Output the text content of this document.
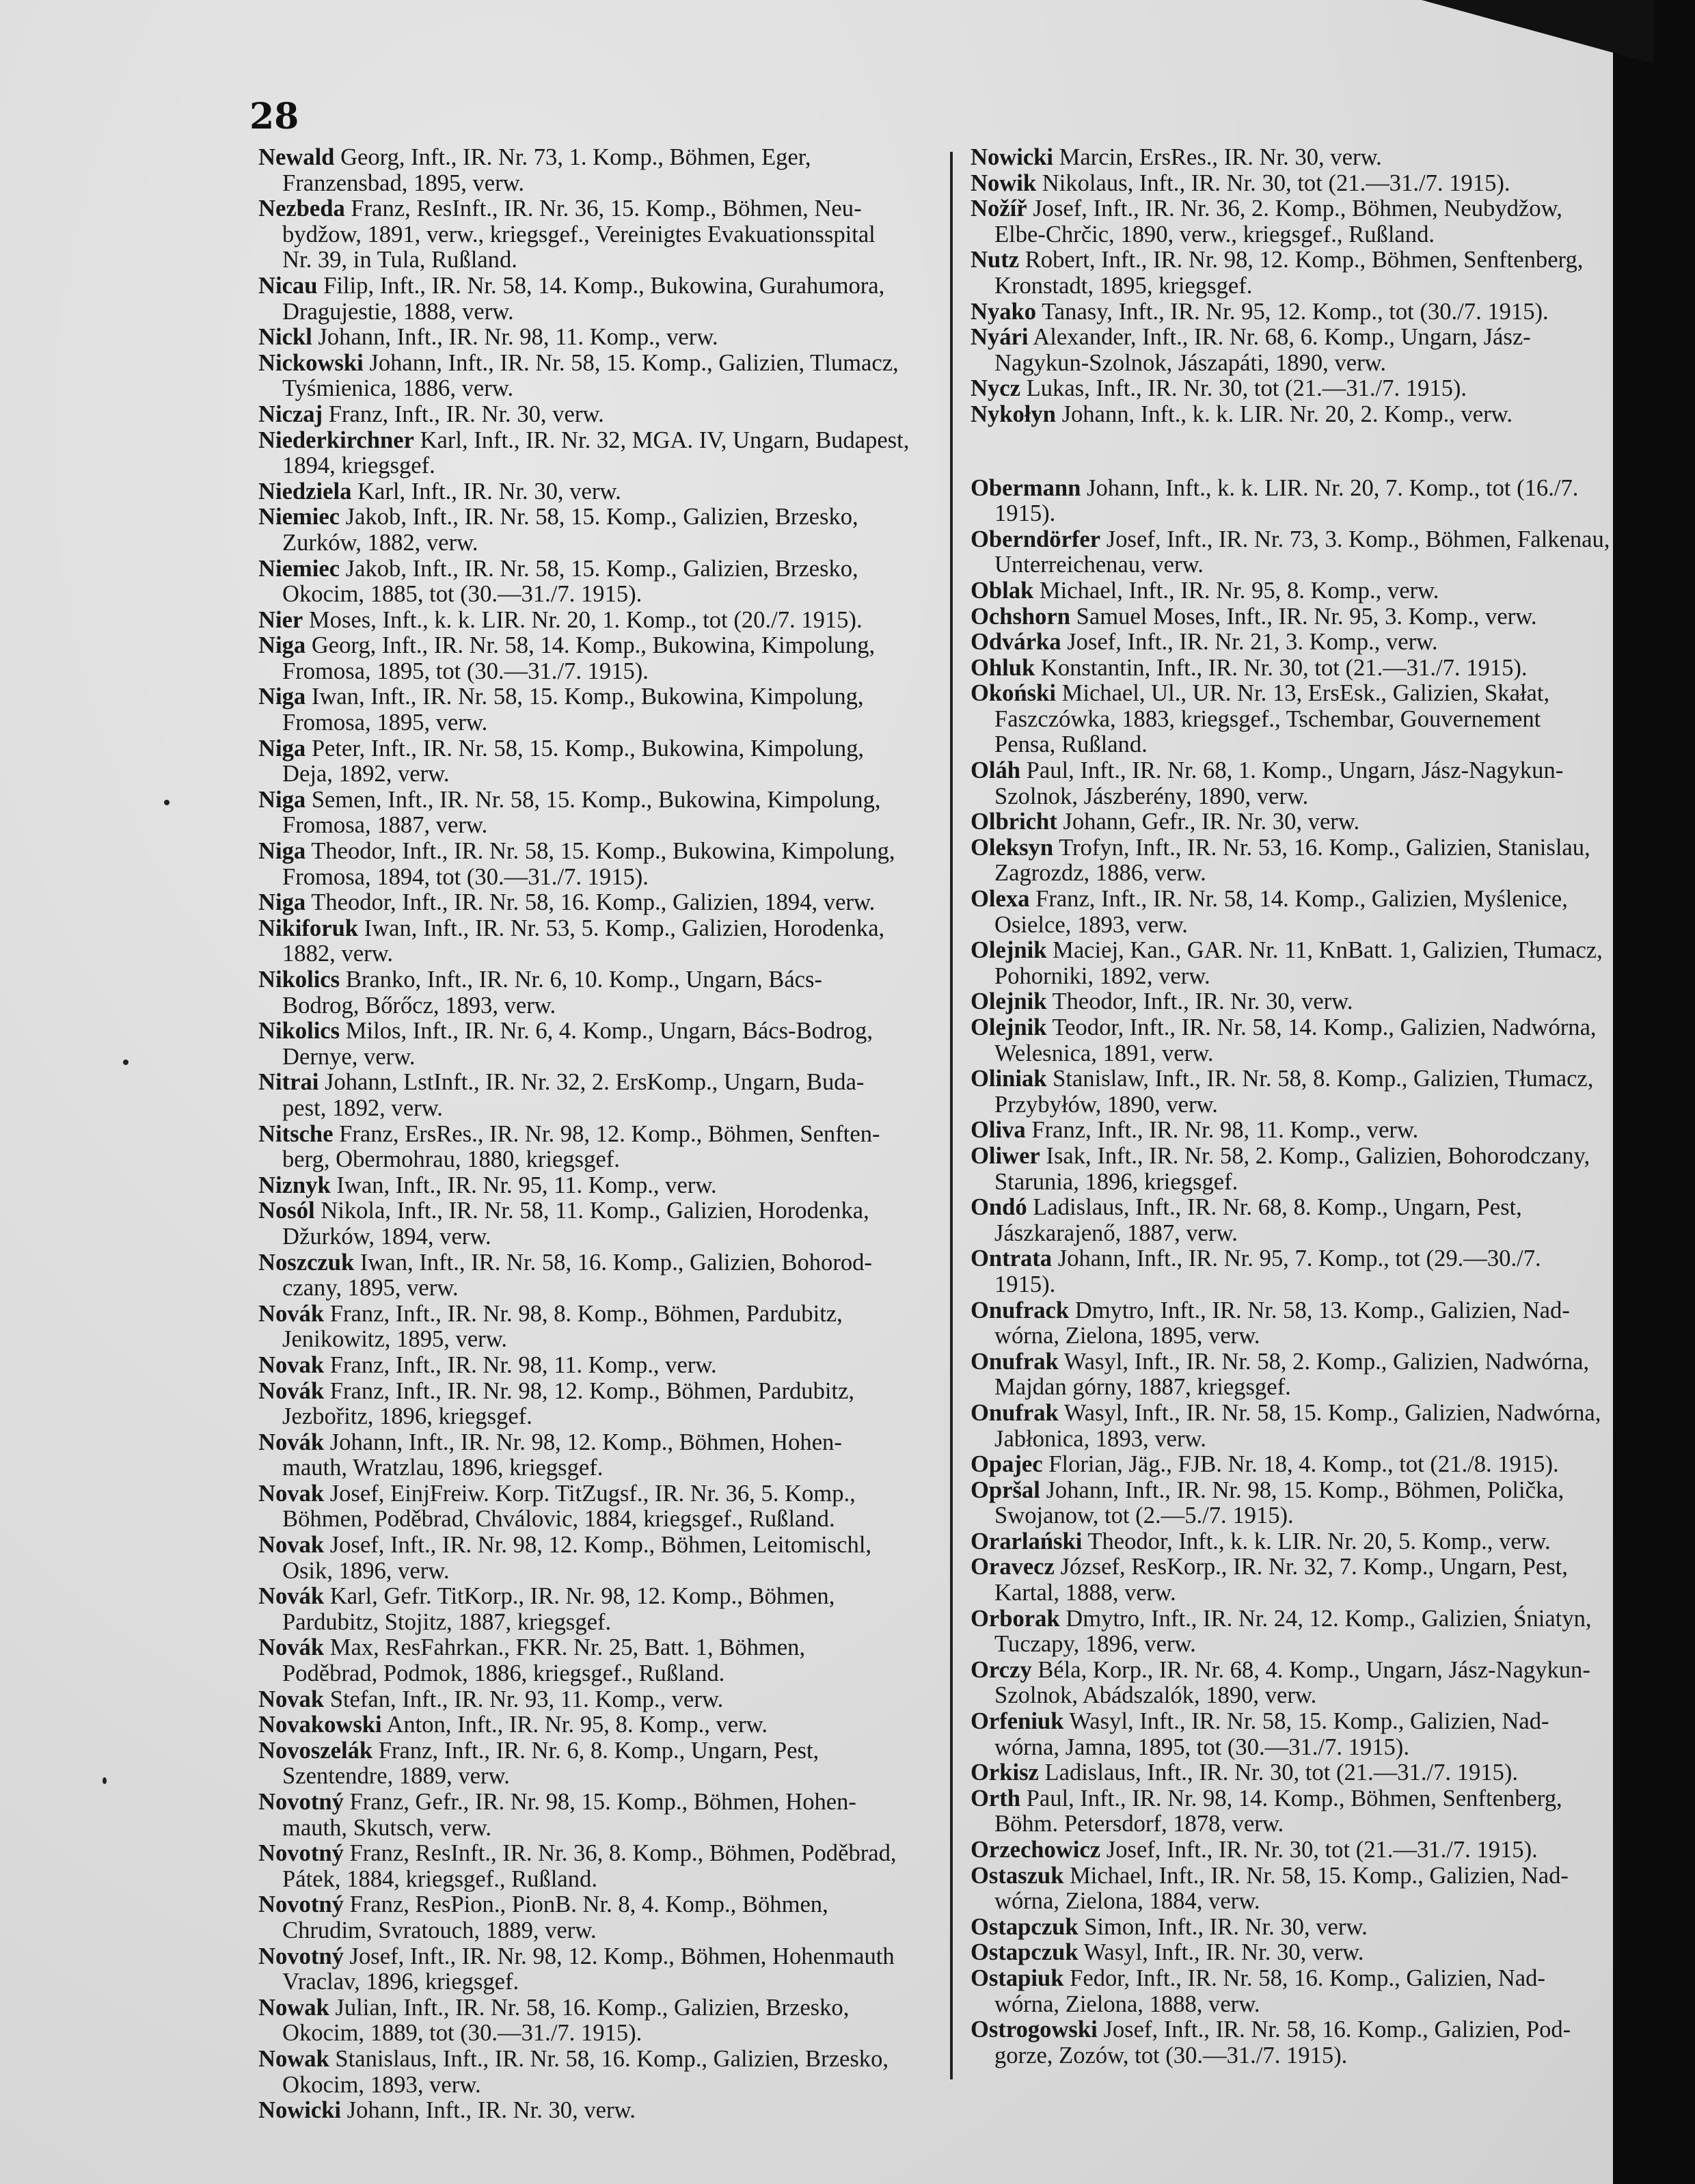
28
Newald Georg, Inft., IR. Nr. 73, 1. Komp., Böhmen, Eger,
Franzensbad, 1895, verw.
Nezbeda Franz, ResInft., IR. Nr. 36, 15. Komp., Böhmen, Neu-
bydžow, 1891, verw., kriegsgef., Vereinigtes Evakuationsspital
Nr. 39, in Tula, Rußland.
Nicau Filip, Inft., IR. Nr. 58, 14. Komp., Bukowina, Gurahumora,
Dragujestie, 1888, verw.
Nickl Johann, Inft., IR. Nr. 98, 11. Komp., verw.
Nickowski Johann, Inft., IR. Nr. 58, 15. Komp., Galizien, Tlumacz,
Tyśmienica, 1886, verw.
Niczaj Franz, Inft., IR. Nr. 30, verw.
Niederkirchner Karl, Inft., IR. Nr. 32, MGA. IV, Ungarn, Budapest,
1894, kriegsgef.
Niedziela Karl, Inft., IR. Nr. 30, verw.
Niemiec Jakob, Inft., IR. Nr. 58, 15. Komp., Galizien, Brzesko,
Zurków, 1882, verw.
Niemiec Jakob, Inft., IR. Nr. 58, 15. Komp., Galizien, Brzesko,
Okocim, 1885, tot (30.—31./7. 1915).
Nier Moses, Inft., k. k. LIR. Nr. 20, 1. Komp., tot (20./7. 1915).
Niga Georg, Inft., IR. Nr. 58, 14. Komp., Bukowina, Kimpolung,
Fromosa, 1895, tot (30.—31./7. 1915).
Niga Iwan, Inft., IR. Nr. 58, 15. Komp., Bukowina, Kimpolung,
Fromosa, 1895, verw.
Niga Peter, Inft., IR. Nr. 58, 15. Komp., Bukowina, Kimpolung,
Deja, 1892, verw.
Niga Semen, Inft., IR. Nr. 58, 15. Komp., Bukowina, Kimpolung,
Fromosa, 1887, verw.
Niga Theodor, Inft., IR. Nr. 58, 15. Komp., Bukowina, Kimpolung,
Fromosa, 1894, tot (30.—31./7. 1915).
Niga Theodor, Inft., IR. Nr. 58, 16. Komp., Galizien, 1894, verw.
Nikiforuk Iwan, Inft., IR. Nr. 53, 5. Komp., Galizien, Horodenka,
1882, verw.
Nikolics Branko, Inft., IR. Nr. 6, 10. Komp., Ungarn, Bács-
Bodrog, Bőrőcz, 1893, verw.
Nikolics Milos, Inft., IR. Nr. 6, 4. Komp., Ungarn, Bács-Bodrog,
Dernye, verw.
Nitrai Johann, LstInft., IR. Nr. 32, 2. ErsKomp., Ungarn, Buda-
pest, 1892, verw.
Nitsche Franz, ErsRes., IR. Nr. 98, 12. Komp., Böhmen, Senften-
berg, Obermohrau, 1880, kriegsgef.
Niznyk Iwan, Inft., IR. Nr. 95, 11. Komp., verw.
Nosól Nikola, Inft., IR. Nr. 58, 11. Komp., Galizien, Horodenka,
Džurków, 1894, verw.
Noszczuk Iwan, Inft., IR. Nr. 58, 16. Komp., Galizien, Bohorod-
czany, 1895, verw.
Novák Franz, Inft., IR. Nr. 98, 8. Komp., Böhmen, Pardubitz,
Jenikowitz, 1895, verw.
Novak Franz, Inft., IR. Nr. 98, 11. Komp., verw.
Novák Franz, Inft., IR. Nr. 98, 12. Komp., Böhmen, Pardubitz,
Jezbořitz, 1896, kriegsgef.
Novák Johann, Inft., IR. Nr. 98, 12. Komp., Böhmen, Hohen-
mauth, Wratzlau, 1896, kriegsgef.
Novak Josef, EinjFreiw. Korp. TitZugsf., IR. Nr. 36, 5. Komp.,
Böhmen, Poděbrad, Chválovic, 1884, kriegsgef., Rußland.
Novak Josef, Inft., IR. Nr. 98, 12. Komp., Böhmen, Leitomischl,
Osik, 1896, verw.
Novák Karl, Gefr. TitKorp., IR. Nr. 98, 12. Komp., Böhmen,
Pardubitz, Stojitz, 1887, kriegsgef.
Novák Max, ResFahrkan., FKR. Nr. 25, Batt. 1, Böhmen,
Poděbrad, Podmok, 1886, kriegsgef., Rußland.
Novak Stefan, Inft., IR. Nr. 93, 11. Komp., verw.
Novakowski Anton, Inft., IR. Nr. 95, 8. Komp., verw.
Novoszelák Franz, Inft., IR. Nr. 6, 8. Komp., Ungarn, Pest,
Szentendre, 1889, verw.
Novotný Franz, Gefr., IR. Nr. 98, 15. Komp., Böhmen, Hohen-
mauth, Skutsch, verw.
Novotný Franz, ResInft., IR. Nr. 36, 8. Komp., Böhmen, Poděbrad,
Pátek, 1884, kriegsgef., Rußland.
Novotný Franz, ResPion., PionB. Nr. 8, 4. Komp., Böhmen,
Chrudim, Svratouch, 1889, verw.
Novotný Josef, Inft., IR. Nr. 98, 12. Komp., Böhmen, Hohenmauth
Vraclav, 1896, kriegsgef.
Nowak Julian, Inft., IR. Nr. 58, 16. Komp., Galizien, Brzesko,
Okocim, 1889, tot (30.—31./7. 1915).
Nowak Stanislaus, Inft., IR. Nr. 58, 16. Komp., Galizien, Brzesko,
Okocim, 1893, verw.
Nowicki Johann, Inft., IR. Nr. 30, verw.
Nowicki Marcin, ErsRes., IR. Nr. 30, verw.
Nowik Nikolaus, Inft., IR. Nr. 30, tot (21.—31./7. 1915).
Nožíř Josef, Inft., IR. Nr. 36, 2. Komp., Böhmen, Neubydžow,
Elbe-Chrčic, 1890, verw., kriegsgef., Rußland.
Nutz Robert, Inft., IR. Nr. 98, 12. Komp., Böhmen, Senftenberg,
Kronstadt, 1895, kriegsgef.
Nyako Tanasy, Inft., IR. Nr. 95, 12. Komp., tot (30./7. 1915).
Nyári Alexander, Inft., IR. Nr. 68, 6. Komp., Ungarn, Jász-
Nagykun-Szolnok, Jászapáti, 1890, verw.
Nycz Lukas, Inft., IR. Nr. 30, tot (21.—31./7. 1915).
Nykołyn Johann, Inft., k. k. LIR. Nr. 20, 2. Komp., verw.
Obermann Johann, Inft., k. k. LIR. Nr. 20, 7. Komp., tot (16./7.
1915).
Oberndörfer Josef, Inft., IR. Nr. 73, 3. Komp., Böhmen, Falkenau,
Unterreichenau, verw.
Oblak Michael, Inft., IR. Nr. 95, 8. Komp., verw.
Ochshorn Samuel Moses, Inft., IR. Nr. 95, 3. Komp., verw.
Odvárka Josef, Inft., IR. Nr. 21, 3. Komp., verw.
Ohluk Konstantin, Inft., IR. Nr. 30, tot (21.—31./7. 1915).
Okoński Michael, Ul., UR. Nr. 13, ErsEsk., Galizien, Skałat,
Faszczówka, 1883, kriegsgef., Tschembar, Gouvernement
Pensa, Rußland.
Oláh Paul, Inft., IR. Nr. 68, 1. Komp., Ungarn, Jász-Nagykun-
Szolnok, Jászberény, 1890, verw.
Olbricht Johann, Gefr., IR. Nr. 30, verw.
Oleksyn Trofyn, Inft., IR. Nr. 53, 16. Komp., Galizien, Stanislau,
Zagrozdz, 1886, verw.
Olexa Franz, Inft., IR. Nr. 58, 14. Komp., Galizien, Myślenice,
Osielce, 1893, verw.
Olejnik Maciej, Kan., GAR. Nr. 11, KnBatt. 1, Galizien, Tłumacz,
Pohorniki, 1892, verw.
Olejnik Theodor, Inft., IR. Nr. 30, verw.
Olejnik Teodor, Inft., IR. Nr. 58, 14. Komp., Galizien, Nadwórna,
Welesnica, 1891, verw.
Oliniak Stanislaw, Inft., IR. Nr. 58, 8. Komp., Galizien, Tłumacz,
Przybyłów, 1890, verw.
Oliva Franz, Inft., IR. Nr. 98, 11. Komp., verw.
Oliwer Isak, Inft., IR. Nr. 58, 2. Komp., Galizien, Bohorodczany,
Starunia, 1896, kriegsgef.
Ondó Ladislaus, Inft., IR. Nr. 68, 8. Komp., Ungarn, Pest,
Jászkarajenő, 1887, verw.
Ontrata Johann, Inft., IR. Nr. 95, 7. Komp., tot (29.—30./7.
1915).
Onufrack Dmytro, Inft., IR. Nr. 58, 13. Komp., Galizien, Nad-
wórna, Zielona, 1895, verw.
Onufrak Wasyl, Inft., IR. Nr. 58, 2. Komp., Galizien, Nadwórna,
Majdan górny, 1887, kriegsgef.
Onufrak Wasyl, Inft., IR. Nr. 58, 15. Komp., Galizien, Nadwórna,
Jabłonica, 1893, verw.
Opajec Florian, Jäg., FJB. Nr. 18, 4. Komp., tot (21./8. 1915).
Opršal Johann, Inft., IR. Nr. 98, 15. Komp., Böhmen, Polička,
Swojanow, tot (2.—5./7. 1915).
Orarlański Theodor, Inft., k. k. LIR. Nr. 20, 5. Komp., verw.
Oravecz József, ResKorp., IR. Nr. 32, 7. Komp., Ungarn, Pest,
Kartal, 1888, verw.
Orborak Dmytro, Inft., IR. Nr. 24, 12. Komp., Galizien, Śniatyn,
Tuczapy, 1896, verw.
Orczy Béla, Korp., IR. Nr. 68, 4. Komp., Ungarn, Jász-Nagykun-
Szolnok, Abádszalók, 1890, verw.
Orfeniuk Wasyl, Inft., IR. Nr. 58, 15. Komp., Galizien, Nad-
wórna, Jamna, 1895, tot (30.—31./7. 1915).
Orkisz Ladislaus, Inft., IR. Nr. 30, tot (21.—31./7. 1915).
Orth Paul, Inft., IR. Nr. 98, 14. Komp., Böhmen, Senftenberg,
Böhm. Petersdorf, 1878, verw.
Orzechowicz Josef, Inft., IR. Nr. 30, tot (21.—31./7. 1915).
Ostaszuk Michael, Inft., IR. Nr. 58, 15. Komp., Galizien, Nad-
wórna, Zielona, 1884, verw.
Ostapczuk Simon, Inft., IR. Nr. 30, verw.
Ostapczuk Wasyl, Inft., IR. Nr. 30, verw.
Ostapiuk Fedor, Inft., IR. Nr. 58, 16. Komp., Galizien, Nad-
wórna, Zielona, 1888, verw.
Ostrogowski Josef, Inft., IR. Nr. 58, 16. Komp., Galizien, Pod-
gorze, Zozów, tot (30.—31./7. 1915).
